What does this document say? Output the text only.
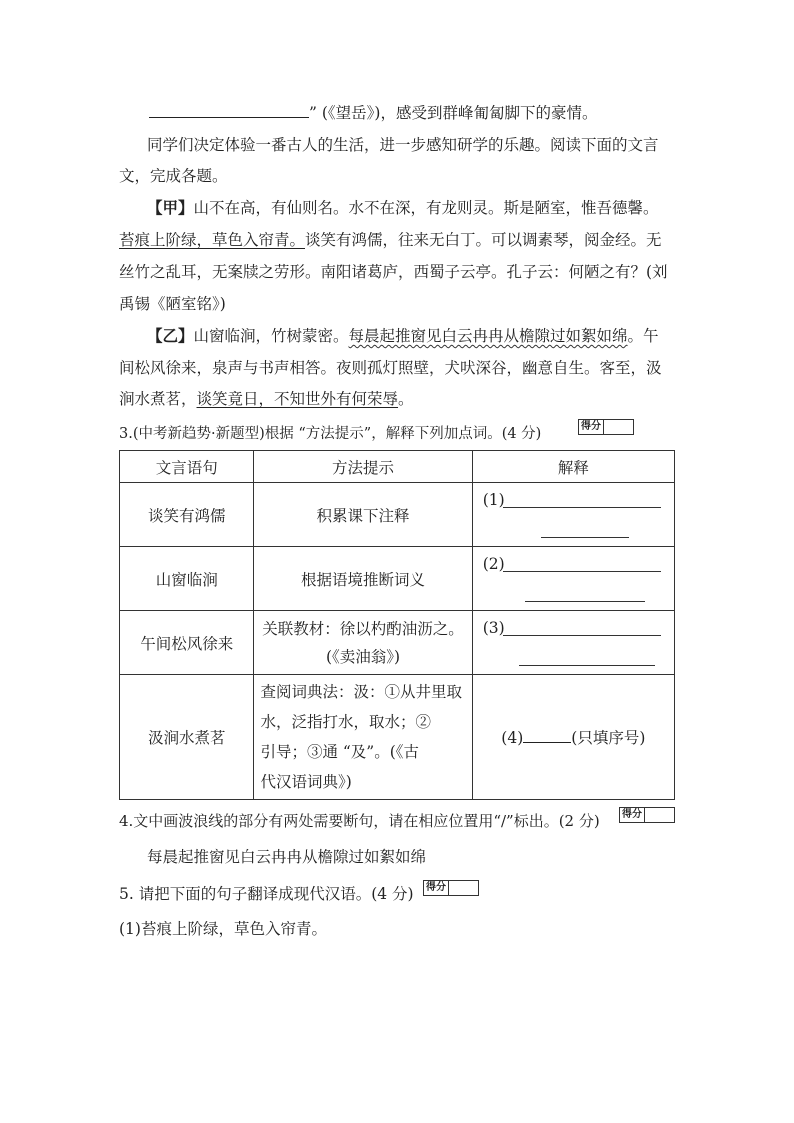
” (《望岳》)，感受到群峰匍匐脚下的豪情。
同学们决定体验一番古人的生活，进一步感知研学的乐趣。阅读下面的文言
文，完成各题。
【甲】山不在高，有仙则名。水不在深，有龙则灵。斯是陋室，惟吾德馨。
苔痕上阶绿，草色入帘青。谈笑有鸿儒，往来无白丁。可以调素琴，阅金经。无
丝竹之乱耳，无案牍之劳形。南阳诸葛庐，西蜀子云亭。孔子云：何陋之有？(刘
禹锡《陋室铭》)
【乙】山窗临涧，竹树蒙密。每晨起推窗见白云冉冉从檐隙过如絮如绵。午
间松风徐来，泉声与书声相答。夜则孤灯照壁，犬吠深谷，幽意自生。客至，汲
涧水煮茗，谈笑竟日，不知世外有何荣辱。
3.(中考新趋势·新题型)根据 “方法提示”，解释下列加点词。(4 分)	得分
文言语句	方法提示	解释
谈笑有鸿儒	积累课下注释	(1)

山窗临涧	根据语境推断词义	(2)

午间松风徐来	关联教材：徐以杓酌油沥之。
(《卖油翁》)	(3)

汲涧水煮茗	查阅词典法：汲：①从井里取
水，泛指打水，取水；②
引导；③通 “及”。(《古
代汉语词典》)	(4) (只填序号)
4.文中画波浪线的部分有两处需要断句，请在相应位置用“/”标出。(2 分) 得分
每晨起推窗见白云冉冉从檐隙过如絮如绵
5. 请把下面的句子翻译成现代汉语。(4 分) 得分
(1)苔痕上阶绿，草色入帘青。
